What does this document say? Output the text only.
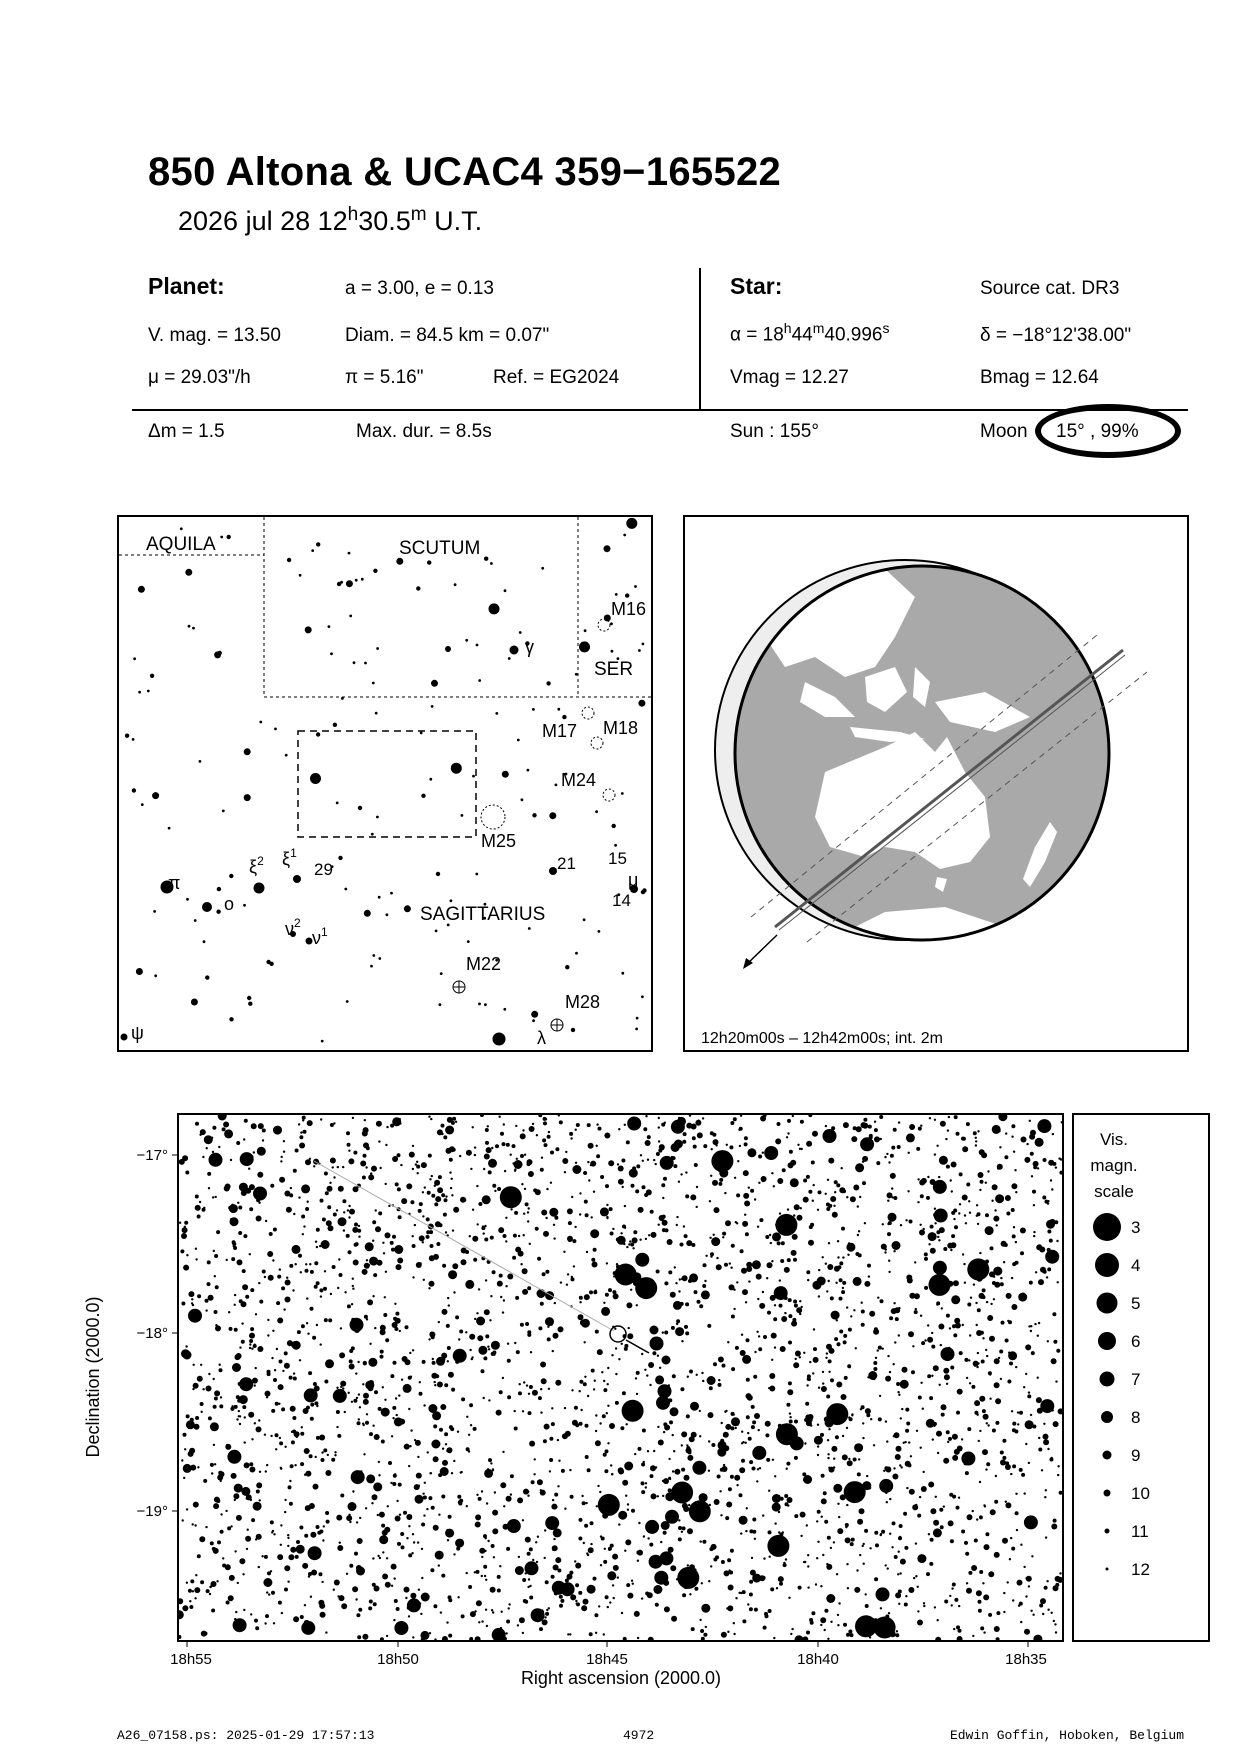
850 Altona & UCAC4 359−165522
2026 jul 28 12$^h$30.5$^m$ U.T.
Planet:	a = 3.00, e = 0.13
V. mag. = 13.50	Diam. = 84.5 km = 0.07"
μ = 29.03"/h	π = 5.16"	Ref. = EG2024
Star:	Source cat. DR3
$\alpha = 18^h44^m40.996^s$	δ = −18°12'38.00"
Vmag = 12.27	Bmag = 12.64
Δm = 1.5	Max. dur. = 8.5s	Sun : 155°	Moon 15° , 99%
AQUILA	SCUTUM
SER
SAGITTARIUS
M16
M17 M18
M24
M25
M22
M28
γ
$\xi^2$ $\xi^1$
29	21 15
μ
14
π
o
$\nu^2$
$\nu^1$
λ
ψ	12h20m00s – 12h42m00s; int. 2m
−17°
−18°
−19°
18h55	18h50	18h45	18h40	18h35
Right ascension (2000.0)
Declination (2000.0)
Vis.
magn.
scale
3
4
5
6
7
8
9
10
11
12
A26_07158.ps: 2025-01-29 17:57:13	4972	Edwin Goffin, Hoboken, Belgium
